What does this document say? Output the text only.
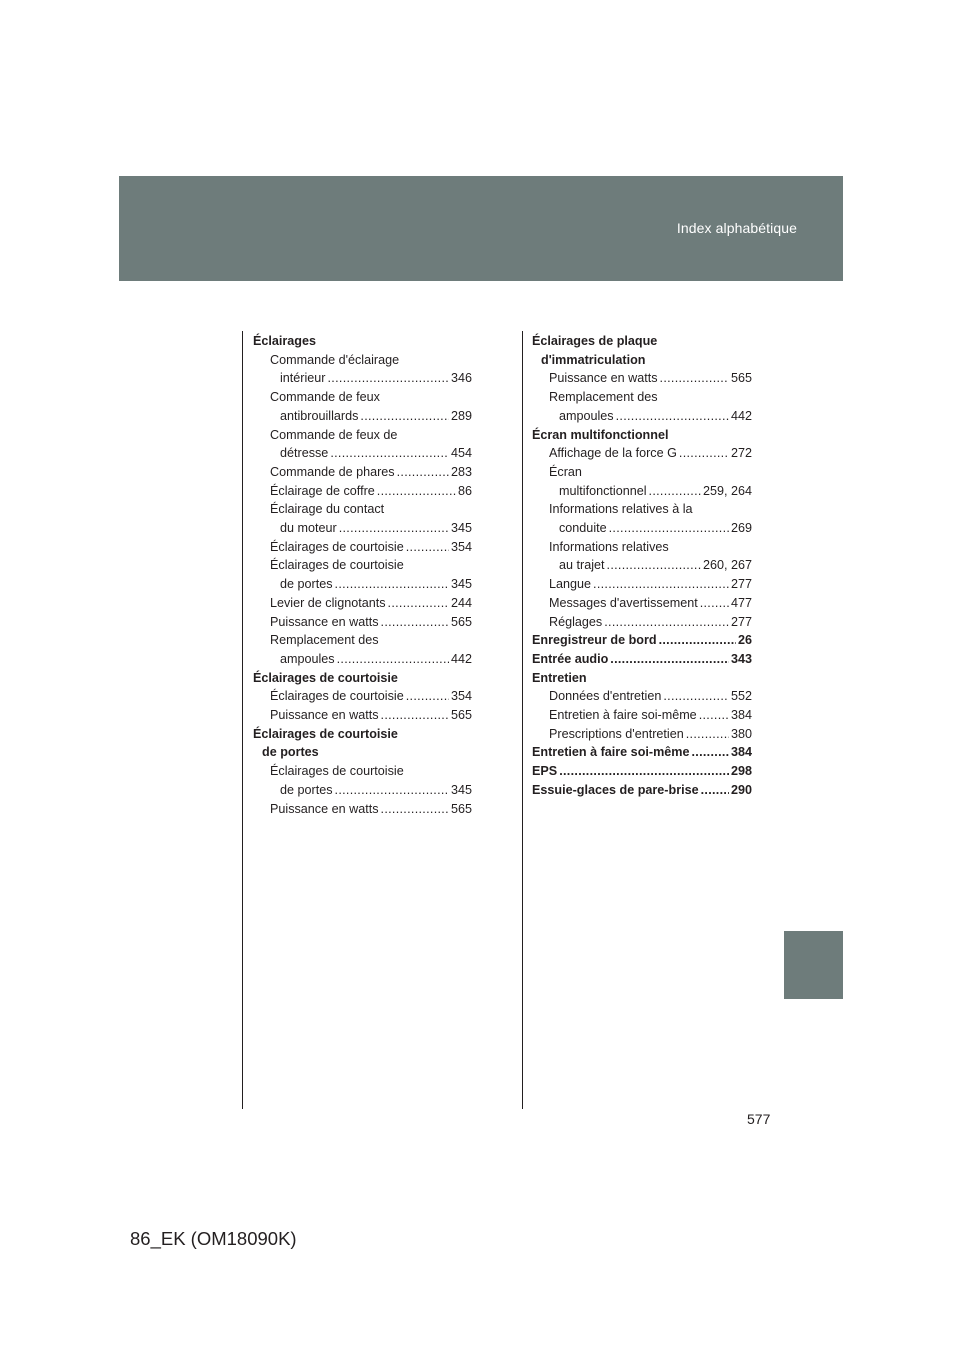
Index alphabétique
Éclairages
Commande d'éclairage
intérieur .....	346
Commande de feux
antibrouillards .....	289
Commande de feux de
détresse .....	454
Commande de phares .....	283
Éclairage de coffre .....	86
Éclairage du contact
du moteur .....	345
Éclairages de courtoisie .....	354
Éclairages de courtoisie
de portes .....	345
Levier de clignotants .....	244
Puissance en watts .....	565
Remplacement des
ampoules .....	442
Éclairages de courtoisie
Éclairages de courtoisie .....	354
Puissance en watts .....	565
Éclairages de courtoisie
de portes
Éclairages de courtoisie
de portes .....	345
Puissance en watts .....	565
Éclairages de plaque
d'immatriculation
Puissance en watts .....	565
Remplacement des
ampoules .....	442
Écran multifonctionnel
Affichage de la force G .....	272
Écran
multifonctionnel .....	259, 264
Informations relatives à la
conduite .....	269
Informations relatives
au trajet .....	260, 267
Langue .....	277
Messages d'avertissement .....	477
Réglages .....	277
Enregistreur de bord .....	26
Entrée audio .....	343
Entretien
Données d'entretien .....	552
Entretien à faire soi-même .....	384
Prescriptions d'entretien .....	380
Entretien à faire soi-même .....	384
EPS .....	298
Essuie-glaces de pare-brise .....	290
577
86_EK (OM18090K)
